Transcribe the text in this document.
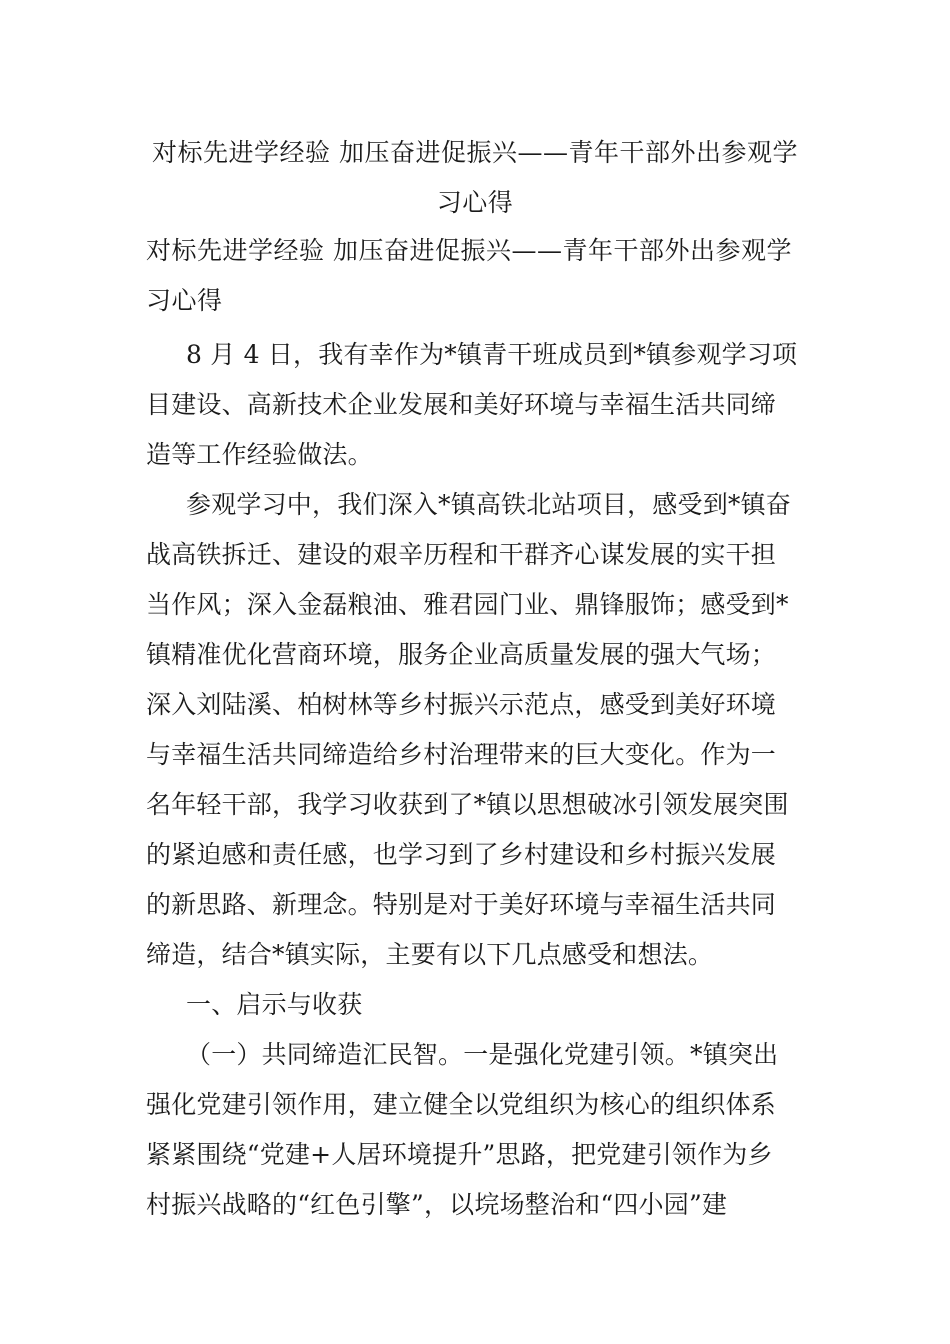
对标先进学经验 加压奋进促振兴——青年干部外出参观学
习心得
对标先进学经验 加压奋进促振兴——青年干部外出参观学
习心得
8 月 4 日，我有幸作为*镇青干班成员到*镇参观学习项
目建设、高新技术企业发展和美好环境与幸福生活共同缔
造等工作经验做法。
参观学习中，我们深入*镇高铁北站项目，感受到*镇奋
战高铁拆迁、建设的艰辛历程和干群齐心谋发展的实干担
当作风；深入金磊粮油、雅君园门业、鼎锋服饰；感受到*
镇精准优化营商环境，服务企业高质量发展的强大气场；
深入刘陆溪、柏树林等乡村振兴示范点，感受到美好环境
与幸福生活共同缔造给乡村治理带来的巨大变化。作为一
名年轻干部，我学习收获到了*镇以思想破冰引领发展突围
的紧迫感和责任感，也学习到了乡村建设和乡村振兴发展
的新思路、新理念。特别是对于美好环境与幸福生活共同
缔造，结合*镇实际，主要有以下几点感受和想法。
一、启示与收获
（一）共同缔造汇民智。一是强化党建引领。*镇突出
强化党建引领作用，建立健全以党组织为核心的组织体系
紧紧围绕“党建+人居环境提升”思路，把党建引领作为乡
村振兴战略的“红色引擎”，以垸场整治和“四小园”建
